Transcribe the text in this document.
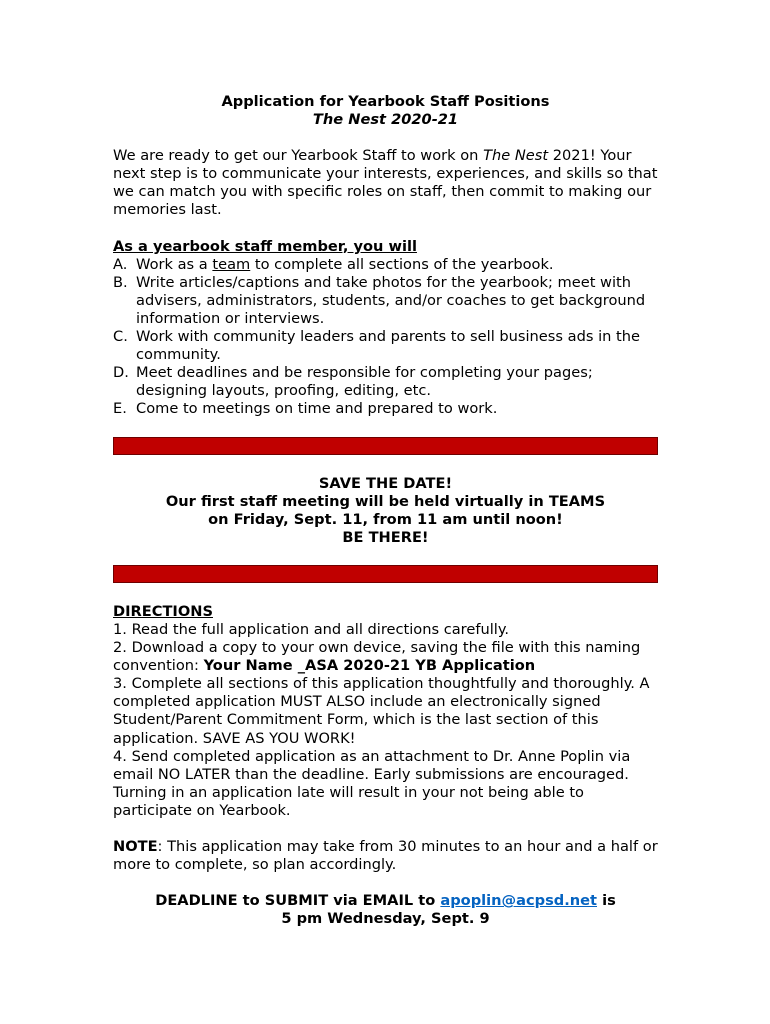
Application for Yearbook Staff Positions
The Nest 2020-21

We are ready to get our Yearbook Staff to work on The Nest 2021! Your next step is to communicate your interests, experiences, and skills so that we can match you with specific roles on staff, then commit to making our memories last.

As a yearbook staff member, you will
A. Work as a team to complete all sections of the yearbook.
B. Write articles/captions and take photos for the yearbook; meet with advisers, administrators, students, and/or coaches to get background information or interviews.
C. Work with community leaders and parents to sell business ads in the community.
D. Meet deadlines and be responsible for completing your pages; designing layouts, proofing, editing, etc.
E. Come to meetings on time and prepared to work.
SAVE THE DATE!
Our first staff meeting will be held virtually in TEAMS
on Friday, Sept. 11, from 11 am until noon!
BE THERE!
DIRECTIONS
1. Read the full application and all directions carefully.
2. Download a copy to your own device, saving the file with this naming convention: Your Name _ASA 2020-21 YB Application
3. Complete all sections of this application thoughtfully and thoroughly. A completed application MUST ALSO include an electronically signed Student/Parent Commitment Form, which is the last section of this application. SAVE AS YOU WORK!
4. Send completed application as an attachment to Dr. Anne Poplin via email NO LATER than the deadline. Early submissions are encouraged. Turning in an application late will result in your not being able to participate on Yearbook.

NOTE: This application may take from 30 minutes to an hour and a half or more to complete, so plan accordingly.

DEADLINE to SUBMIT via EMAIL to apoplin@acpsd.net is
5 pm Wednesday, Sept. 9
